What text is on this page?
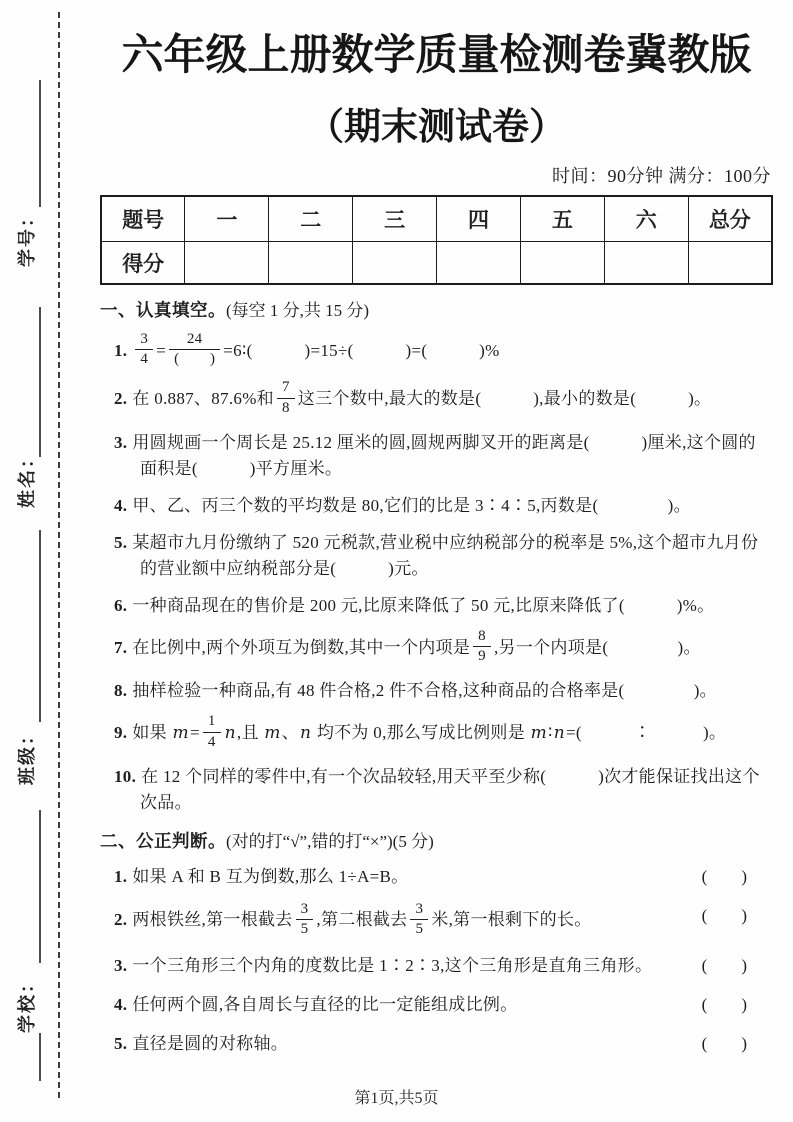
学号：
姓名：
班级：
学校：
六年级上册数学质量检测卷冀教版
（期末测试卷）
时间：90分钟 满分：100分
题号	一	二	三	四	五	六	总分
得分							
一、认真填空。(每空 1 分,共 15 分)
1. $\frac{3}{4} = \frac{24}{( )}$ =6∶(　　　)=15÷(　　　)=(　　　)%
2. 在 0.887、87.6%和 $\frac{7}{8}$ 这三个数中,最大的数是(　　　),最小的数是(　　　)。
3. 用圆规画一个周长是 25.12 厘米的圆,圆规两脚叉开的距离是(　　　)厘米,这个圆的面积是(　　　)平方厘米。
4. 甲、乙、丙三个数的平均数是 80,它们的比是 3∶4∶5,丙数是(　　　　)。
5. 某超市九月份缴纳了 520 元税款,营业税中应纳税部分的税率是 5%,这个超市九月份的营业额中应纳税部分是(　　　)元。
6. 一种商品现在的售价是 200 元,比原来降低了 50 元,比原来降低了(　　　)%。
7. 在比例中,两个外项互为倒数,其中一个内项是 $\frac{8}{9}$ ,另一个内项是(　　　　)。
8. 抽样检验一种商品,有 48 件合格,2 件不合格,这种商品的合格率是(　　　　)。
9. 如果 $m= \frac{1}{4} n$,且 m、n 均不为 0,那么写成比例则是 m∶n=(　　　∶　　　)。
10. 在 12 个同样的零件中,有一个次品较轻,用天平至少称(　　　)次才能保证找出这个次品。
二、公正判断。(对的打“√”,错的打“×”)(5 分)
1. 如果 A 和 B 互为倒数,那么 1÷A=B。	(　　)
2. 两根铁丝,第一根截去 $\frac{3}{5}$ ,第二根截去 $\frac{3}{5}$ 米,第一根剩下的长。	(　　)
3. 一个三角形三个内角的度数比是 1∶2∶3,这个三角形是直角三角形。	(　　)
4. 任何两个圆,各自周长与直径的比一定能组成比例。	(　　)
5. 直径是圆的对称轴。	(　　)
第1页,共5页
